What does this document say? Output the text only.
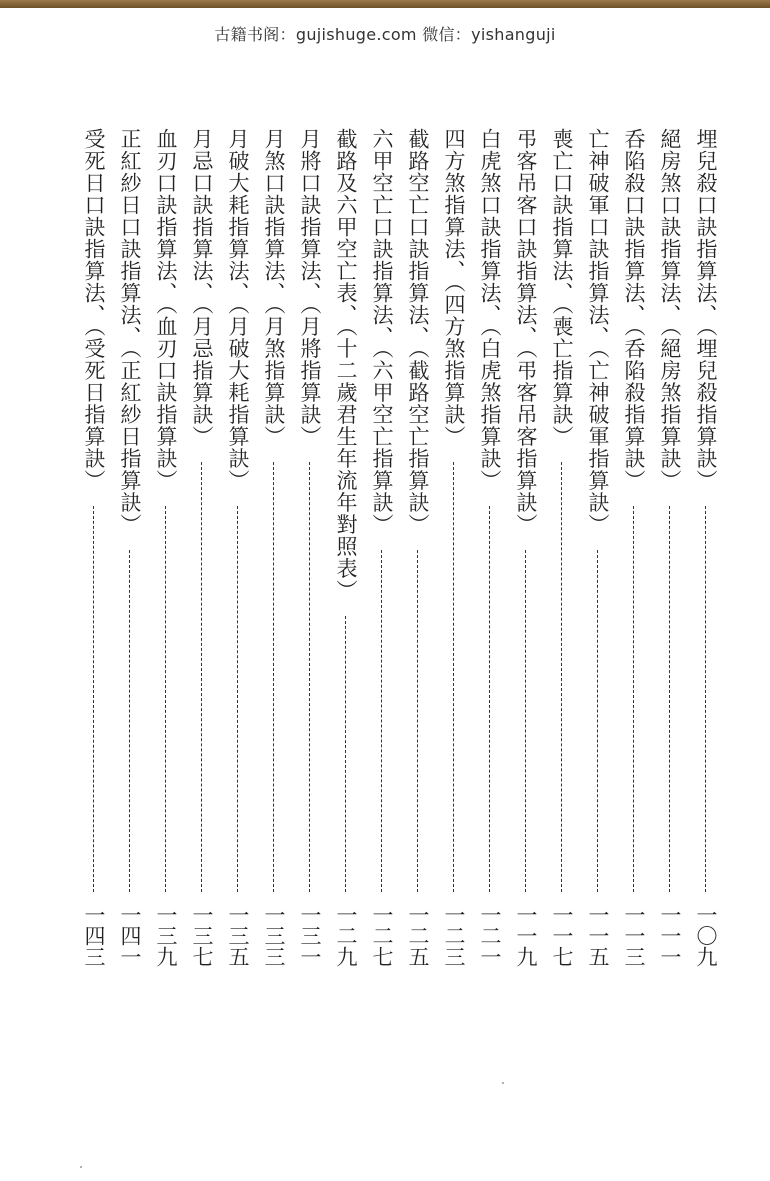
古籍书阁：gujishuge.com 微信：yishanguji
埋兒殺口訣指算法、（埋兒殺指算訣）
一〇九
絕房煞口訣指算法、（絕房煞指算訣）
一一一
呑陷殺口訣指算法、（呑陷殺指算訣）
一一三
亡神破軍口訣指算法、（亡神破軍指算訣）
一一五
喪亡口訣指算法、（喪亡指算訣）
一一七
弔客吊客口訣指算法、（弔客吊客指算訣）
一一九
白虎煞口訣指算法、（白虎煞指算訣）
一二一
四方煞指算法、（四方煞指算訣）
一二三
截路空亡口訣指算法、（截路空亡指算訣）
一二五
六甲空亡口訣指算法、（六甲空亡指算訣）
一二七
截路及六甲空亡表、（十二歲君生年流年對照表）
一二九
月將口訣指算法、（月將指算訣）
一三一
月煞口訣指算法、（月煞指算訣）
一三三
月破大耗指算法、（月破大耗指算訣）
一三五
月忌口訣指算法、（月忌指算訣）
一三七
血刃口訣指算法、（血刃口訣指算訣）
一三九
正紅紗日口訣指算法、（正紅紗日指算訣）
一四一
受死日口訣指算法、（受死日指算訣）
一四三
